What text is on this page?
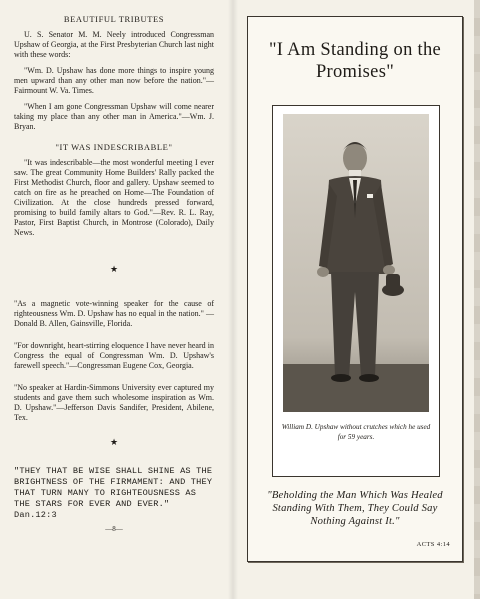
BEAUTIFUL TRIBUTES

U. S. Senator M. M. Neely introduced Congressman Upshaw of Georgia, at the First Presbyterian Church last night with these words:

"Wm. D. Upshaw has done more things to inspire young men upward than any other man now before the nation."—Fairmount W. Va. Times.

"When I am gone Congressman Upshaw will come nearer taking my place than any other man in America."—Wm. J. Bryan.

"IT WAS INDESCRIBABLE"

"It was indescribable—the most wonderful meeting I ever saw. The great Community Home Builders' Rally packed the First Methodist Church, floor and gallery. Upshaw seemed to catch on fire as he preached on Home—The Foundation of Civilization. At the close hundreds pressed forward, promising to build family altars to God."—Rev. R. L. Ray, Pastor, First Baptist Church, in Montrose (Colorado), Daily News.

★

"As a magnetic vote-winning speaker for the cause of righteousness Wm. D. Upshaw has no equal in the nation." — Donald B. Allen, Gainsville, Florida.

"For downright, heart-stirring eloquence I have never heard in Congress the equal of Congressman Wm. D. Upshaw's farewell speech."—Congressman Eugene Cox, Georgia.

"No speaker at Hardin-Simmons University ever captured my students and gave them such wholesome inspiration as Wm. D. Upshaw."—Jefferson Davis Sandifer, President, Abilene, Tex.

★
"THEY THAT BE WISE SHALL SHINE AS THE BRIGHTNESS OF THE FIRMAMENT: AND THEY THAT TURN MANY TO RIGHTEOUSNESS AS THE STARS FOR EVER AND EVER." Dan.12:3
—8—
"I Am Standing on the Promises"
William D. Upshaw without crutches which he used for 59 years.
"Beholding the Man Which Was Healed Standing With Them, They Could Say Nothing Against It."
ACTS 4:14
